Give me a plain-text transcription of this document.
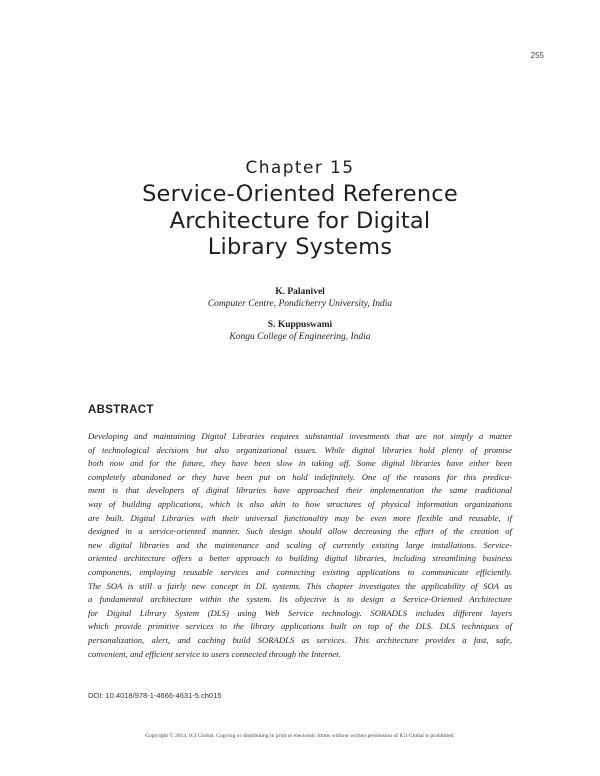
255
Chapter 15
Service-Oriented Reference
Architecture for Digital
Library Systems
K. Palanivel
Computer Centre, Pondicherry University, India
S. Kuppuswami
Kongu College of Engineering, India
ABSTRACT
Developing and maintaining Digital Libraries requires substantial investments that are not simply a matter
of technological decisions but also organizational issues. While digital libraries hold plenty of promise
both now and for the future, they have been slow in taking off. Some digital libraries have either been
completely abandoned or they have been put on hold indefinitely. One of the reasons for this predica-
ment is that developers of digital libraries have approached their implementation the same traditional
way of building applications, which is also akin to how structures of physical information organizations
are built. Digital Libraries with their universal functionality may be even more flexible and reusable, if
designed in a service-oriented manner. Such design should allow decreasing the effort of the creation of
new digital libraries and the maintenance and scaling of currently existing large installations. Service-
oriented architecture offers a better approach to building digital libraries, including streamlining business
components, employing reusable services and connecting existing applications to communicate efficiently.
The SOA is still a fairly new concept in DL systems. This chapter investigates the applicability of SOA as
a fundamental architecture within the system. Its objective is to design a Service-Oriented Architecture
for Digital Library System (DLS) using Web Service technology. SORADLS includes different layers
which provide primitive services to the library applications built on top of the DLS. DLS techniques of
personalization, alert, and caching build SORADLS as services. This architecture provides a fast, safe,
convenient, and efficient service to users connected through the Internet.
DOI: 10.4018/978-1-4666-4631-5.ch015
Copyright © 2014, IGI Global. Copying or distributing in print or electronic forms without written permission of IGI Global is prohibited.
